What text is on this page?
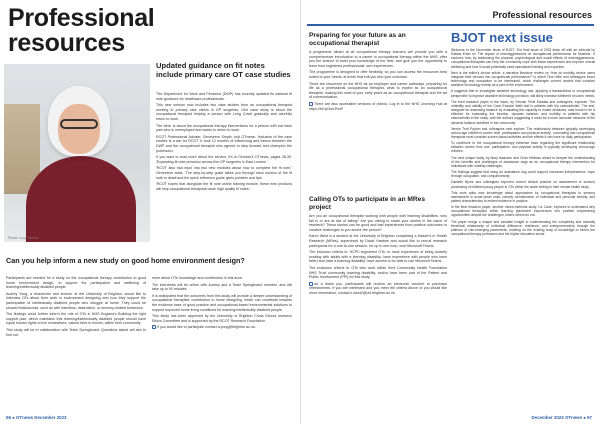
Professional
resources
Photo: Lucy Hanna
Updated guidance on fit notes include primary care OT case studies

The Department for Work and Pensions (DWP) has recently updated its national fit note guidance for healthcare professionals.

This new version now includes two case studies from an occupational therapist working in primary care clinics in GP surgeries. One case study is about the occupational therapist helping a person with Long Covid gradually and carefully return to work.

The other is about the occupational therapy interventions for a person with low back pain who is unemployed and wants to return to work.

RCOT Professional Adviser, Genevieve Smyth, told OTnews: 'Inclusion of the case studies is a win for RCOT. It took 12 months of influencing and liaison between the DWP and the occupational therapist who agreed to step forward and champion the profession.

If you want to read more about the service, it's in October's OTnews, pages 38-39. 'Expanding fit note provision across five GP surgeries in East London'.

'RCOT also had input into two new modules about how to complete the fit note,' Genevieve adds. 'The step-by-step guide takes you through each section of the fit note in detail and the quick reference guide gives pointers and tips.

'RCOT hopes that alongside the fit note online training module, these new products will help occupational therapists issue high quality fit notes.'

Can you help inform a new study on good home environment design?

Participants are needed for a study on the occupational therapy contribution to good home environment design, to support the participation and wellbeing of learning/intellectually disabled people.

Audrey Yong, a researcher and lecturer at the University of Brighton, would like to interview OTs about their work in environment designing and how they support the participation of intellectually disabled people who struggle at home. They could be shower/hoist/access, such as with harmless, destructive, or sensory-related behaviour.

The findings could further inform the role of OTs in NHS England's Building the right support plan, which maintains that learning/intellectually disabled people should have equal human rights to live somewhere, valued lives in homes, within their community.

This study will be in collaboration with Team Springboard. Questions asked will aim to find out

more about OTs' knowledge and contribution in this area.

The interviews will be online with Audrey and a Team Springboard member, and will take up to 90 minutes.

It is anticipated that the outcomes from this study will provide a deeper understanding of occupational therapists' contribution to home designing, which can contribute towards the evidence base of good practice and occupational-based environmental solutions to support improved home living conditions for learning/intellectually disabled people.

This study has been approved by the University of Brighton Cross School research Ethics Committee and is supported by the RCOT Research Foundation.

If you would like to participate contact a.yong@brighton.ac.uk.

56 ● OTnews December 2023
Professional resources
Preparing for your future as an occupational therapist

A programme aimed at all occupational therapy learners will provide you with a comprehensive introduction to a career in occupational therapy within the NHS, offer you the chance to build your knowledge of the field, and give you the opportunity to learn from registered professionals' own experiences.

The programme is designed to offer flexibility, so you can access the resources best suited to your needs, at times that suit you and your workload.

There are resources on the NHS as an employer and career pathways, preparing for life as a professional occupational therapist, what to expect as an occupational therapist, making the most of your early years as an occupational therapist and the art of communication.

There are also accessible versions of videos. Log in to the NHS Learning Hub at https://bit.ly/3wLPwrF

Calling OTs to participate in an MRes project

Are you an occupational therapist working with people with learning disabilities, who fall in or are at risk of falling? Are you willing to share your stories in the name of research? These stories can be good and bad experiences from positive outcomes or creative challenges to you and/or the person?

Karen West is a student at the University of Brighton completing a Master's in Health Research (MRes), supervised by David Hawkes and would like to recruit research participants for a one-to-one session, for up to one hour, over Microsoft Teams.

The inclusion criteria is: HCPC-registered OTs; to have experience of being actively working with adults with a learning disability; have experience with people who have fallen and have a learning disability, have access to be able to use Microsoft Teams.

The exclusion criteria is: OTs who work within Kent Community Health Foundation NHS Trust community learning disability, and/or have been part of the Patient and Public Involvement (PPI) for this study.

As a thank you, participants will receive an electronic voucher to purchase refreshments. If you are interested and you meet the criteria above or you would like more information, contact k.west2@uni.brighton.ac.uk.

BJOT next issue

Welcome to the December issue of BJOT. The final issue of 2023 kicks off with an editorial by Sabina Khan on 'The impact of microaggressions on occupational performance for Muslims'. It explores how, by addressing the physical, psychological and social effects of microaggressions, occupational therapists can help the community cope with these experiences and improve overall wellbeing and how it would potentially need specialised training and expertise.

Next is the editor's choice article, a narrative literature review on 'How do mobility device users integrate their devices into occupational performance?' in which Tina Helle and colleagues found technology and occupation to be intertwined, which challenges current models that consider assistive technology mainly as a part of the environment.

It suggests that to investigate assistive technology use, applying a transactional or occupational perspective to improve assistive technology provision, will likely increase fulfilment of users' needs.

The third research paper in the issue, by Sevcan Tevik Karatas and colleagues, explores 'The reliability and validity of the Cone Evasion Walk test in patients with hip osteoarthritis'. The test, designed for assessing balance by evaluating the capacity to evade obstacles, was found to be a effective for evaluating the function, dynamic balance, and mobility in patients with hip osteoarthritis in the study, with the authors suggesting it could be a more accurate measure of the dynamic balance activities in the community.

Jennie Trott Payton and colleagues next explore 'The relationship between typically developing school-age children's screen time, participation and physical activity', concluding that occupational therapists must consider screen-based activities and the effects it can have on daily participation.

To contribute to the occupational therapy evidence base regarding the significant relationship between screen time use, participation, and physical activity in typically developing school-age children.

The next unique study, by Mary Isaacson and Chan Hellman aimed to deepen the understanding of the benefits and challenges of assistance dogs as an occupational therapy intervention for individuals with mobility challenges.

The findings suggest that using an assistance dog could support increased independence, hope through occupation, and companionship.

Danielle Byrne and colleagues explored current clinical practice on assessment of sensory processing of children/young people in OTs within the acute setting in their mental health study.

This work adds new knowledge about approaches by occupational therapists to sensory assessment in acute-onset units, namely consideration of individual and personal identity, and patient characteristics to embed evidence in practice.

In the final research paper, another mixed-methods study, Liz Cade, explores to understand why occupational therapists within learning placement experiences into positive empowering opportunities despite the challenges, where others do not.

The paper brings a unique and valuable insight to understanding the complexity and mutually beneficial relationship of individual difference, resilience, and entrepreneurship through the platform of role-emerging placements, building on the existing body of knowledge to inform the occupational therapy profession and the higher education sector.

December 2023 OTnews ● 57
